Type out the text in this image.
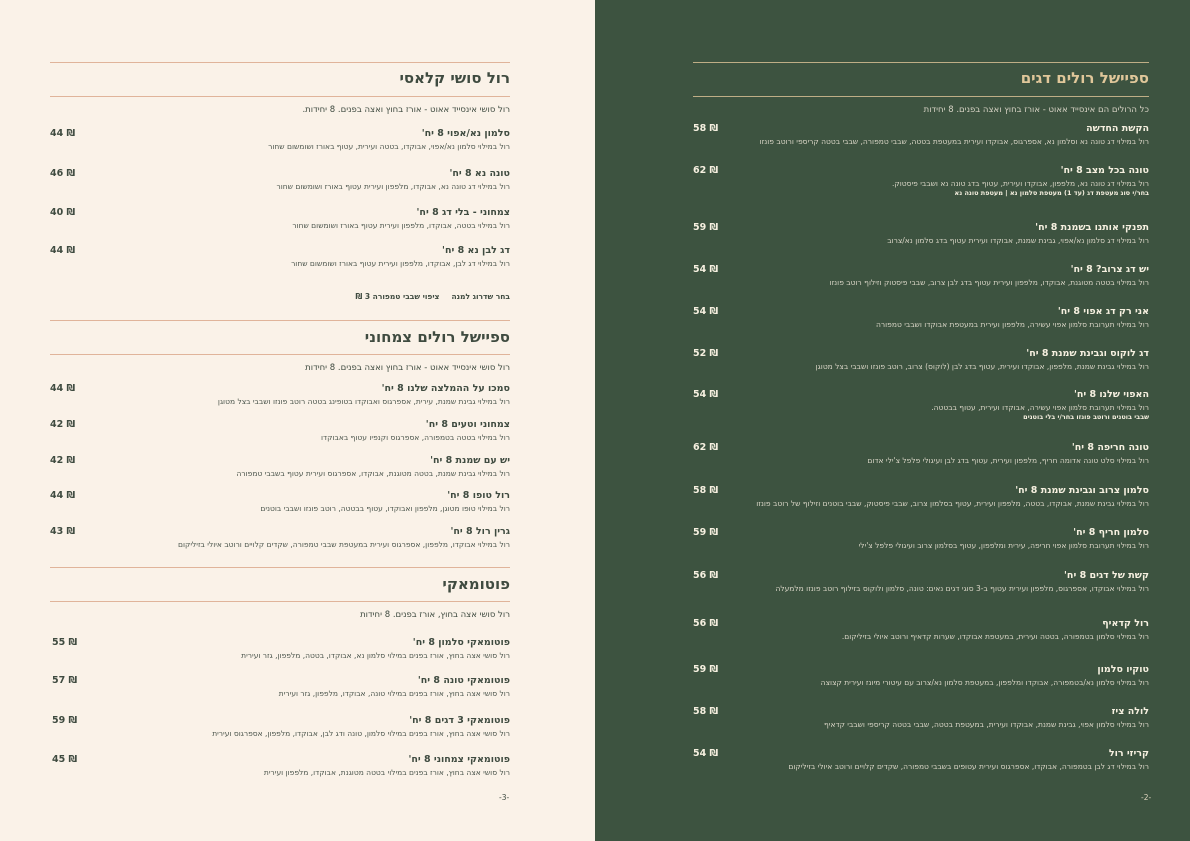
רול סושי קלאסי
רול סושי אינסייד אאוט - אורז בחוץ ואצה בפנים. 8 יחידות.
סלמון נא/אפוי 8 יח'
רול במילוי סלמון נא/אפוי, אבוקדו, בטטה ועירית, עטוף באורז ושומשום שחור
44 ₪
טונה נא 8 יח'
רול במילוי דג טונה נא, אבוקדו, מלפפון ועירית עטוף באורז ושומשום שחור
46 ₪
צמחוני - בלי דג 8 יח'
רול במילוי בטטה, אבוקדו, מלפפון ועירית עטוף באורז ושומשום שחור
40 ₪
דג לבן נא 8 יח'
רול במילוי דג לבן, אבוקדו, מלפפון ועירית עטוף באורז ושומשום שחור
44 ₪
בחר שדרוג למנהציפוי שבבי טמפורה 3 ₪
ספיישל רולים צמחוני
רול סושי אינסייד אאוט - אורז בחוץ ואצה בפנים. 8 יחידות
סמכו על ההמלצה שלנו 8 יח'
רול במילוי גבינת שמנת, עירית, אספרגוס ואבוקדו בטופינג בטטה רוטב פונזו ושבבי בצל מטוגן
44 ₪
צמחוני וטעים 8 יח'
רול במילוי בטטה בטמפורה, אספרגוס וקנפיו עטוף באבוקדו
42 ₪
יש עם שמנת 8 יח'
רול במילוי גבינת שמנת, בטטה מטוגנת, אבוקדו, אספרגוס ועירית עטוף בשבבי טמפורה
42 ₪
רול טופו 8 יח'
רול במילוי טופו מטוגן, מלפפון ואבוקדו, עטוף בבטטה, רוטב פונזו ושבבי בוטנים
44 ₪
גרין רול 8 יח'
רול במילוי אבוקדו, מלפפון, אספרגוס ועירית במעטפת שבבי טמפורה, שקדים קלויים ורוטב איולי בזיליקום
43 ₪
פוטומאקי
רול סושי אצה בחוץ, אורז בפנים. 8 יחידות
פוטומאקי סלמון 8 יח'
רול סושי אצה בחוץ, אורז בפנים במילוי סלמון נא, אבוקדו, בטטה, מלפפון, גזר ועירית
55 ₪
פוטומאקי טונה 8 יח'
רול סושי אצה בחוץ, אורז בפנים במילוי טונה, אבוקדו, מלפפון, גזר ועירית
57 ₪
פוטומאקי 3 דגים 8 יח'
רול סושי אצה בחוץ, אורז בפנים במילוי סלמון, טונה ודג לבן, אבוקדו, מלפפון, אספרגוס ועירית
59 ₪
פוטומאקי צמחוני 8 יח'
רול סושי אצה בחוץ, אורז בפנים במילוי בטטה מטוגנת, אבוקדו, מלפפון ועירית
45 ₪
-3-
ספיישל רולים דגים
כל הרולים הם אינסייד אאוט - אורז בחוץ ואצה בפנים. 8 יחידות
הקשת החדשה
רול במילוי דג טונה נא וסלמון נא, אספרגוס, אבוקדו ועירית במעטפת בטטה, שבבי טמפורה, שבבי בטטה קריספי ורוטב פונזו
58 ₪
טונה בכל מצב 8 יח'
רול במילוי דג טונה נא, מלפפון, אבוקדו ועירית, עטוף בדג טונה נא ושבבי פיסטוק.
בחר/י סוג מעטפת דג (עד 1) מעטפת סלמון נא | מעטפת טונה נא
62 ₪
תפנקי אותנו בשמנת 8 יח'
רול במילוי דג סלמון נא/אפוי, גבינת שמנת, אבוקדו ועירית עטוף בדג סלמון נא/צרוב
59 ₪
יש דג צרוב? 8 יח'
רול במילוי בטטה מטוגנת, אבוקדו, מלפפון ועירית עטוף בדג לבן צרוב, שבבי פיסטוק וזילוף רוטב פונזו
54 ₪
אני רק דג אפוי 8 יח'
רול במילוי תערובת סלמון אפוי עשירה, מלפפון ועירית במעטפת אבוקדו ושבבי טמפורה
54 ₪
דג לוקוס וגבינת שמנת 8 יח'
רול במילוי גבינת שמנת, מלפפון, אבוקדו ועירית, עטוף בדג לבן (לוקוס) צרוב, רוטב פונזו ושבבי בצל מטוגן
52 ₪
האפוי שלנו 8 יח'
רול במילוי תערובת סלמון אפוי עשירה, אבוקדו ועירית, עטוף בבטטה.
שבבי בוטנים ורוטב פונזו בחר/י בלי בוטנים
54 ₪
טונה חריפה 8 יח'
רול במילוי סלט טונה אדומה חריף, מלפפון ועירית, עטוף בדג לבן ועיגולי פלפל צ'ילי אדום
62 ₪
סלמון צרוב וגבינת שמנת 8 יח'
רול במילוי גבינת שמנת, אבוקדו, בטטה, מלפפון ועירית, עטוף בסלמון צרוב, שבבי פיסטוק, שבבי בוטנים וזילוף של רוטב פונזו
58 ₪
סלמון חריף 8 יח'
רול במילוי תערובת סלמון אפוי חריפה, עירית ומלפפון, עטוף בסלמון צרוב ועיגולי פלפל צ'ילי
59 ₪
קשת של דגים 8 יח'
רול במילוי אבוקדו, אספרגוס, מלפפון ועירית עטוף ב-3 סוגי דגים נאים: טונה, סלמון ולוקוס בזילוף רוטב פונזו מלמעלה
56 ₪
רול קדאיף
רול במילוי סלמון בטמפורה, בטטה ועירית, במעטפת אבוקדו, שערות קדאיף ורוטב איולי בזיליקום.
56 ₪
טוקיו סלמון
רול במילוי סלמון נא/בטמפורה, אבוקדו ומלפפון, במעטפת סלמון נא/צרוב עם עיטורי מיונז ועירית קצוצה
59 ₪
לולה ציז
רול במילוי סלמון אפוי, גבינת שמנת, אבוקדו ועירית, במעטפת בטטה, שבבי בטטה קריספי ושבבי קדאיף
58 ₪
קריזי רול
רול במילוי דג לבן בטמפורה, אבוקדו, אספרגוס ועירית עטופים בשבבי טמפורה, שקדים קלויים ורוטב איולי בזיליקום
54 ₪
-2-
